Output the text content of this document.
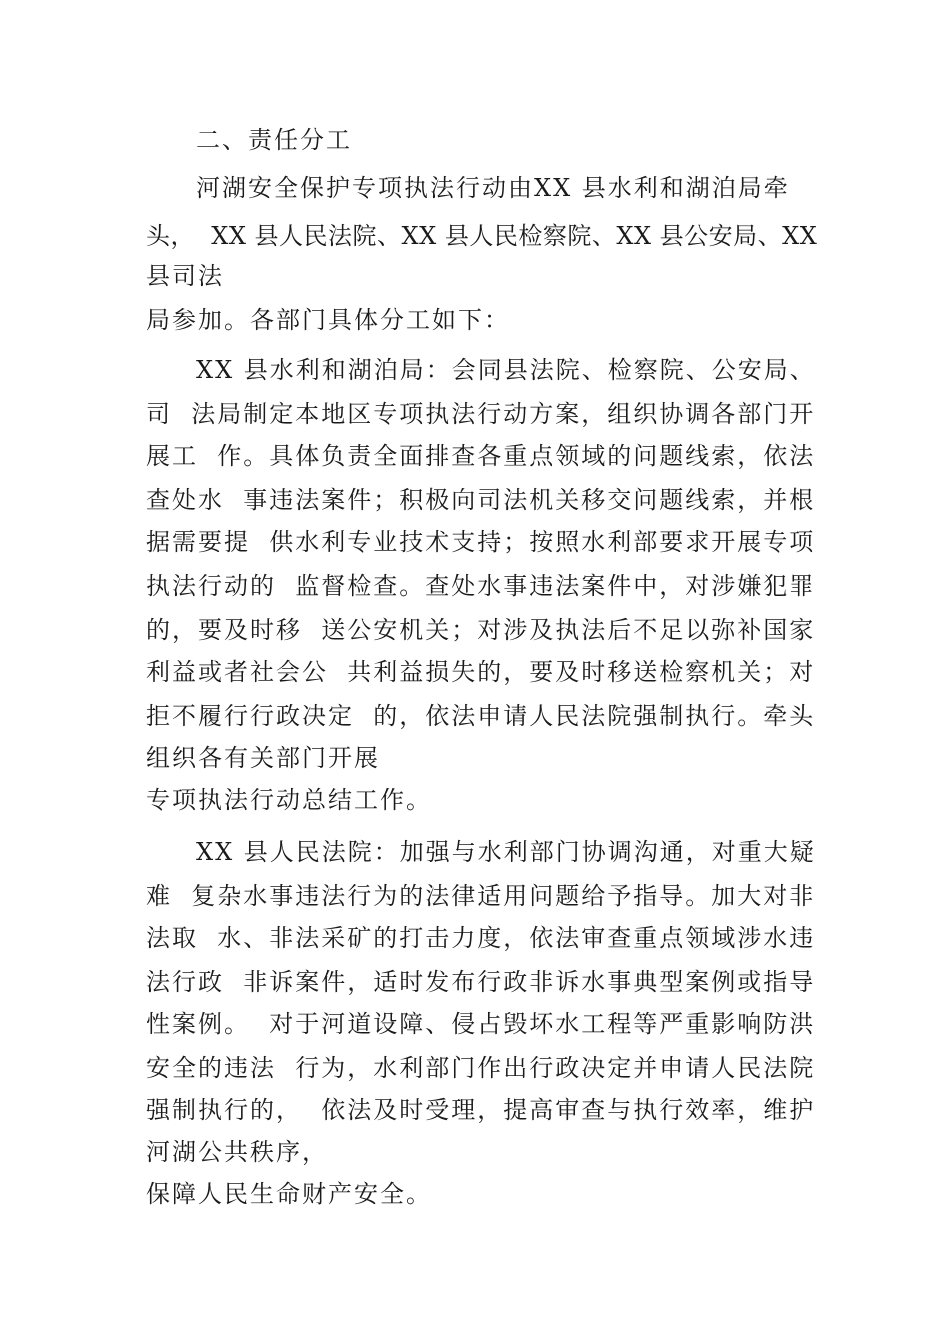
二、责任分工
河湖安全保护专项执法行动由XX 县水利和湖泊局牵
头，  XX 县人民法院、XX 县人民检察院、XX 县公安局、XX
县司法
局参加。各部门具体分工如下：
XX 县水利和湖泊局：会同县法院、检察院、公安局、
司  法局制定本地区专项执法行动方案，组织协调各部门开
展工  作。具体负责全面排查各重点领域的问题线索，依法
查处水  事违法案件；积极向司法机关移交问题线索，并根
据需要提  供水利专业技术支持；按照水利部要求开展专项
执法行动的  监督检查。查处水事违法案件中，对涉嫌犯罪
的，要及时移  送公安机关；对涉及执法后不足以弥补国家
利益或者社会公  共利益损失的，要及时移送检察机关；对
拒不履行行政决定  的，依法申请人民法院强制执行。牵头
组织各有关部门开展
专项执法行动总结工作。
XX 县人民法院：加强与水利部门协调沟通，对重大疑
难  复杂水事违法行为的法律适用问题给予指导。加大对非
法取  水、非法采矿的打击力度，依法审查重点领域涉水违
法行政  非诉案件，适时发布行政非诉水事典型案例或指导
性案例。  对于河道设障、侵占毁坏水工程等严重影响防洪
安全的违法  行为，水利部门作出行政决定并申请人民法院
强制执行的，  依法及时受理，提高审查与执行效率，维护
河湖公共秩序，
保障人民生命财产安全。
